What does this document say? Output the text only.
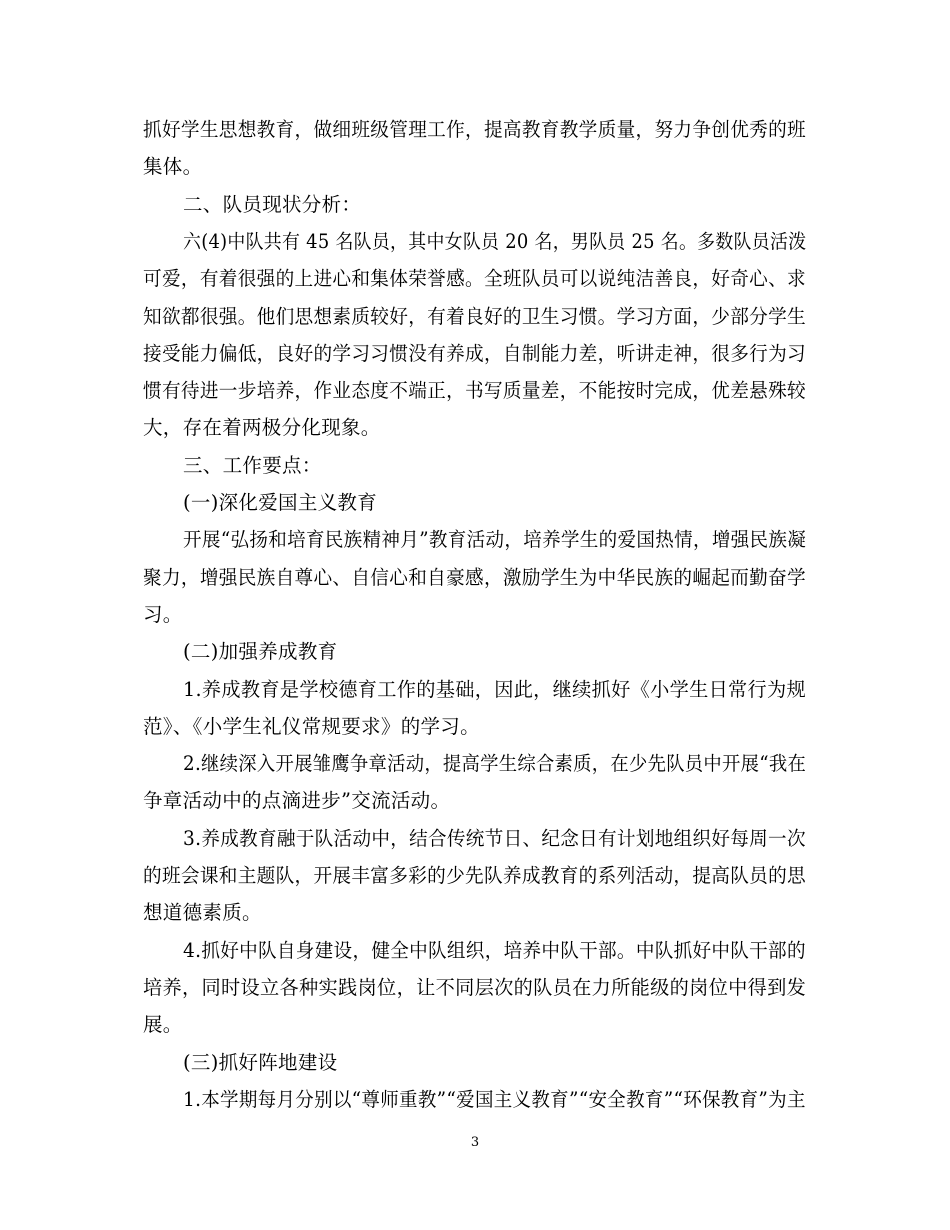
抓好学生思想教育，做细班级管理工作，提高教育教学质量，努力争创优秀的班
集体。
二、队员现状分析：
六(4)中队共有 45 名队员，其中女队员 20 名，男队员 25 名。多数队员活泼
可爱，有着很强的上进心和集体荣誉感。全班队员可以说纯洁善良，好奇心、求
知欲都很强。他们思想素质较好，有着良好的卫生习惯。学习方面，少部分学生
接受能力偏低，良好的学习习惯没有养成，自制能力差，听讲走神，很多行为习
惯有待进一步培养，作业态度不端正，书写质量差，不能按时完成，优差悬殊较
大，存在着两极分化现象。
三、工作要点：
(一)深化爱国主义教育
开展“弘扬和培育民族精神月”教育活动，培养学生的爱国热情，增强民族凝
聚力，增强民族自尊心、自信心和自豪感，激励学生为中华民族的崛起而勤奋学
习。
(二)加强养成教育
1.养成教育是学校德育工作的基础，因此，继续抓好《小学生日常行为规
范》、《小学生礼仪常规要求》的学习。
2.继续深入开展雏鹰争章活动，提高学生综合素质，在少先队员中开展“我在
争章活动中的点滴进步”交流活动。
3.养成教育融于队活动中，结合传统节日、纪念日有计划地组织好每周一次
的班会课和主题队，开展丰富多彩的少先队养成教育的系列活动，提高队员的思
想道德素质。
4.抓好中队自身建设，健全中队组织，培养中队干部。中队抓好中队干部的
培养，同时设立各种实践岗位，让不同层次的队员在力所能级的岗位中得到发
展。
(三)抓好阵地建设
1.本学期每月分别以“尊师重教”“爱国主义教育”“安全教育”“环保教育”为主
3
